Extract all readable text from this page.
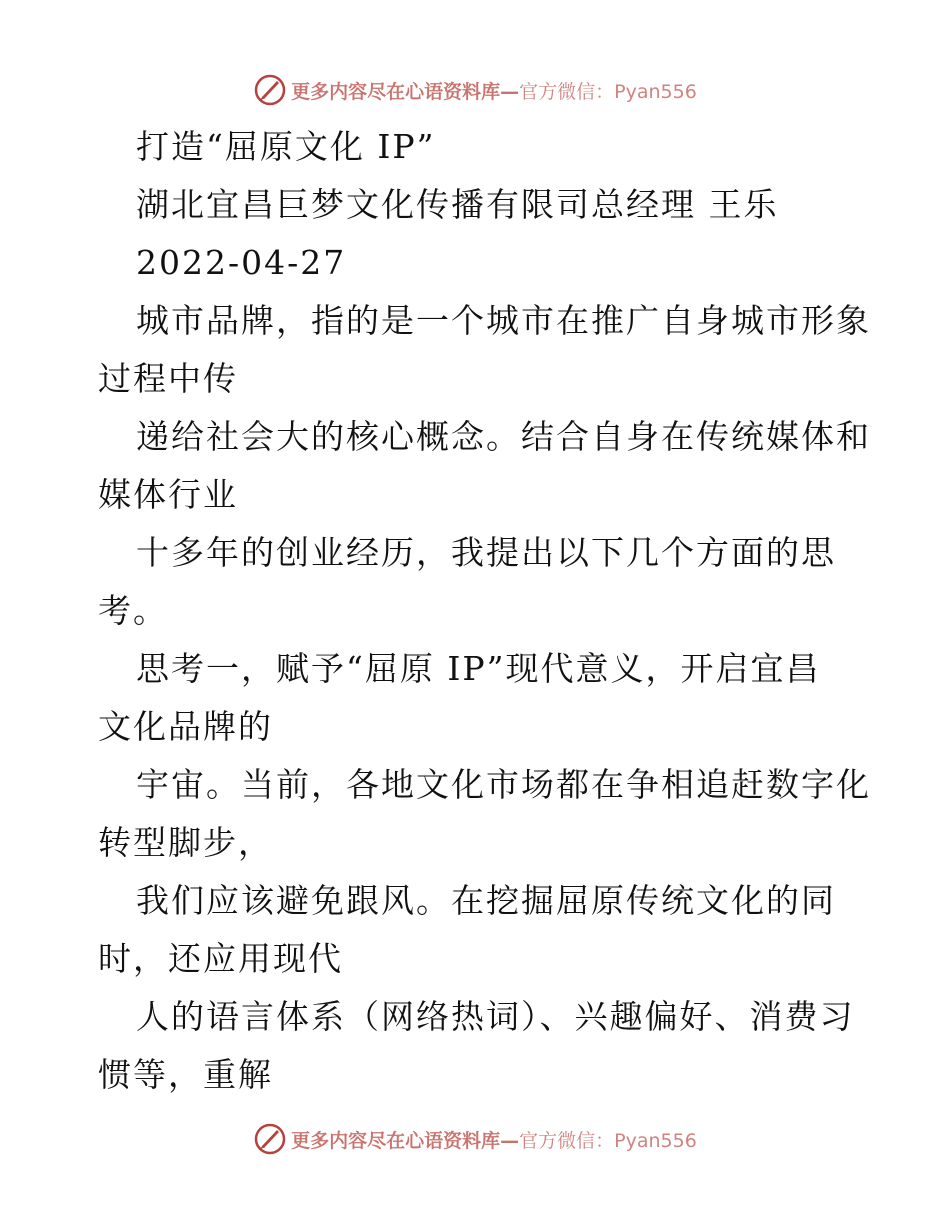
更多内容尽在心语资料库—官方微信：Pyan556
打造“屈原文化 IP”
湖北宜昌巨梦文化传播有限司总经理 王乐
2022-04-27
城市品牌，指的是一个城市在推广自身城市形象
过程中传
递给社会大的核心概念。结合自身在传统媒体和
媒体行业
十多年的创业经历，我提出以下几个方面的思
考。
思考一，赋予“屈原 IP”现代意义，开启宜昌
文化品牌的
宇宙。当前，各地文化市场都在争相追赶数字化
转型脚步，
我们应该避免跟风。在挖掘屈原传统文化的同
时，还应用现代
人的语言体系（网络热词）、兴趣偏好、消费习
惯等，重解
更多内容尽在心语资料库—官方微信：Pyan556
